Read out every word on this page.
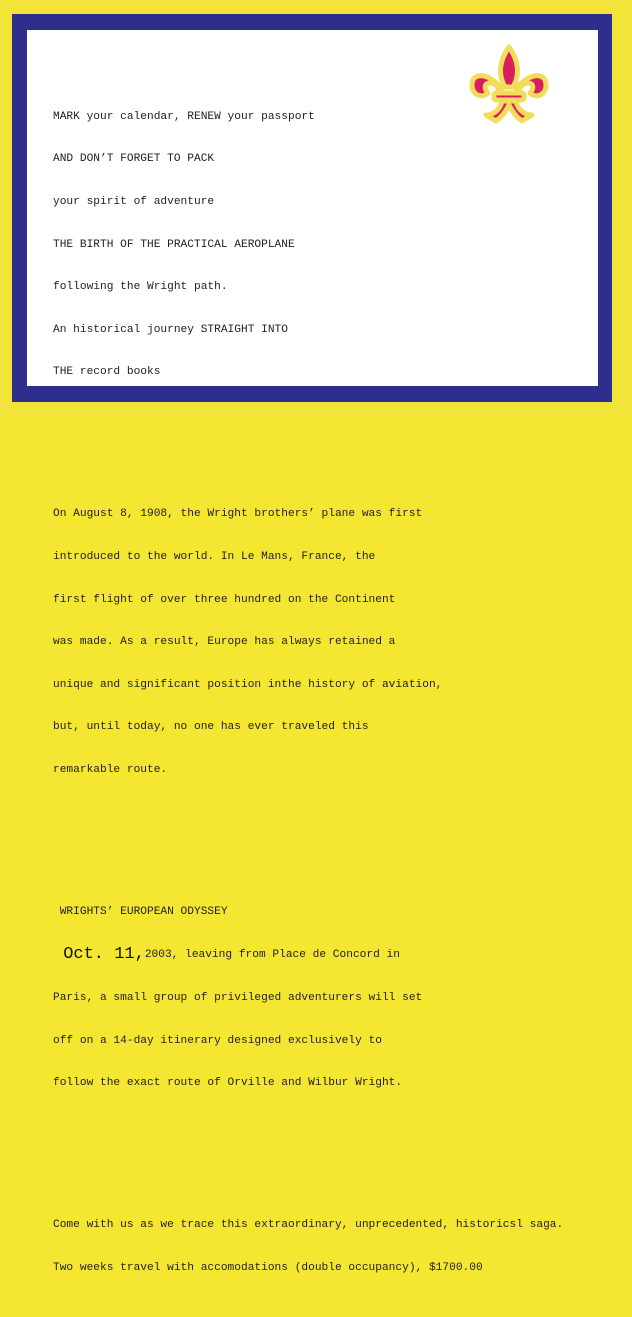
MARK your calendar, RENEW your passport

AND DON’T FORGET TO PACK

your spirit of adventure

THE BIRTH OF THE PRACTICAL AEROPLANE

following the Wright path.

An historical journey STRAIGHT INTO

THE record books

On August 8, 1908, the Wright brothers’ plane was first

introduced to the world. In Le Mans, France, the

first flight of over three hundred on the Continent

was made. As a result, Europe has always retained a

unique and significant position inthe history of aviation,

but, until today, no one has ever traveled this

remarkable route.

WRIGHTS’ EUROPEAN ODYSSEY

Oct. 11,2003, leaving from Place de Concord in

Paris, a small group of privileged adventurers will set

off on a 14-day itinerary designed exclusively to

follow the exact route of Orville and Wilbur Wright.

Come with us as we trace this extraordinary, unprecedented, historicsl saga.

Two weeks travel with accomodations (double occupancy), $1700.00
